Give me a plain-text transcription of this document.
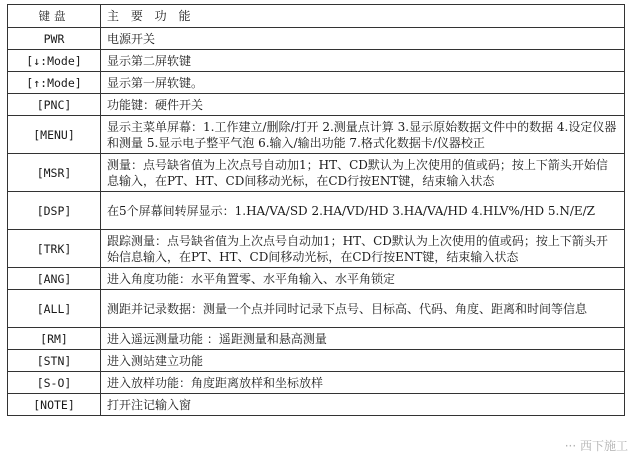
键盘	主 要 功 能
PWR	电源开关
[↓:Mode]	显示第二屏软键
[↑:Mode]	显示第一屏软键。
[PNC]	功能键：硬件开关
[MENU]	显示主菜单屏幕：1.工作建立/删除/打开 2.测量点计算 3.显示原始数据文件中的数据 4.设定仪器和测量 5.显示电子整平气泡 6.输入/输出功能 7.格式化数据卡/仪器校正
[MSR]	测量：点号缺省值为上次点号自动加1；HT、CD默认为上次使用的值或码；按上下箭头开始信息输入，在PT、HT、CD间移动光标，在CD行按ENT键，结束输入状态
[DSP]	在5个屏幕间转屏显示：1.HA/VA/SD 2.HA/VD/HD 3.HA/VA/HD 4.HLV%/HD 5.N/E/Z
[TRK]	跟踪测量：点号缺省值为上次点号自动加1；HT、CD默认为上次使用的值或码；按上下箭头开始信息输入，在PT、HT、CD间移动光标，在CD行按ENT键，结束输入状态
[ANG]	进入角度功能：水平角置零、水平角输入、水平角锁定
[ALL]	测距并记录数据：测量一个点并同时记录下点号、目标高、代码、角度、距离和时间等信息
[RM]	进入遥远测量功能 ：遥距测量和悬高测量
[STN]	进入测站建立功能
[S-O]	进入放样功能：角度距离放样和坐标放样
[NOTE]	打开注记输入窗
··· 西下施工
